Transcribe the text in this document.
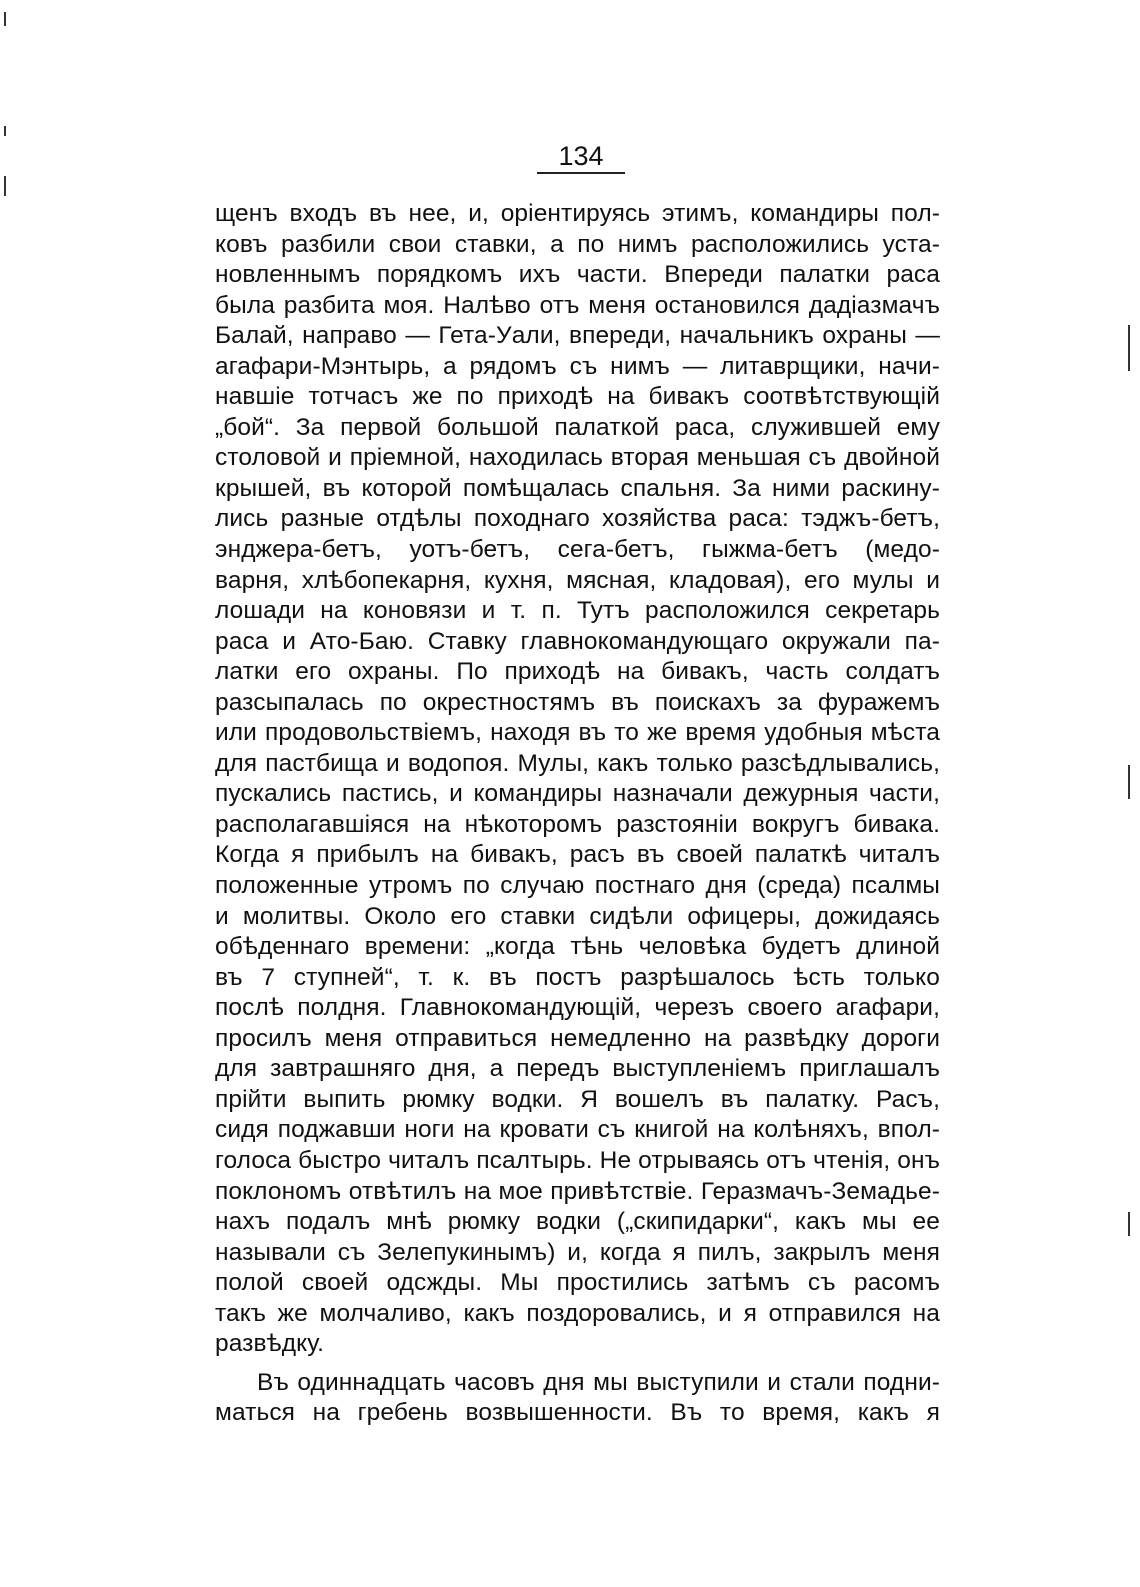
134
щенъ входъ въ нее, и, оріентируясь этимъ, командиры пол-
ковъ разбили свои ставки, а по нимъ расположились уста-
новленнымъ порядкомъ ихъ части. Впереди палатки раса
была разбита моя. Налѣво отъ меня остановился дадіазмачъ
Балай, направо — Гета-Уали, впереди, начальникъ охраны —
агафари-Мэнтырь, а рядомъ съ нимъ — литаврщики, начи-
навшіе тотчасъ же по приходѣ на бивакъ соотвѣтствующій
„бой“. За первой большой палаткой раса, служившей ему
столовой и пріемной, находилась вторая меньшая съ двойной
крышей, въ которой помѣщалась спальня. За ними раскину-
лись разные отдѣлы походнаго хозяйства раса: тэджъ-бетъ,
энджера-бетъ, уотъ-бетъ, сега-бетъ, гыжма-бетъ (медо-
варня, хлѣбопекарня, кухня, мясная, кладовая), его мулы и
лошади на коновязи и т. п. Тутъ расположился секретарь
раса и Ато-Баю. Ставку главнокомандующаго окружали па-
латки его охраны. По приходѣ на бивакъ, часть солдатъ
разсыпалась по окрестностямъ въ поискахъ за фуражемъ
или продовольствіемъ, находя въ то же время удобныя мѣста
для пастбища и водопоя. Мулы, какъ только разсѣдлывались,
пускались пастись, и командиры назначали дежурныя части,
располагавшіяся на нѣкоторомъ разстояніи вокругъ бивака.
Когда я прибылъ на бивакъ, расъ въ своей палаткѣ читалъ
положенные утромъ по случаю постнаго дня (среда) псалмы
и молитвы. Около его ставки сидѣли офицеры, дожидаясь
обѣденнаго времени: „когда тѣнь человѣка будетъ длиной
въ 7 ступней“, т. к. въ постъ разрѣшалось ѣсть только
послѣ полдня. Главнокомандующій, черезъ своего агафари,
просилъ меня отправиться немедленно на развѣдку дороги
для завтрашняго дня, а передъ выступленіемъ приглашалъ
прійти выпить рюмку водки. Я вошелъ въ палатку. Расъ,
сидя поджавши ноги на кровати съ книгой на колѣняхъ, впол-
голоса быстро читалъ псалтырь. Не отрываясь отъ чтенія, онъ
поклономъ отвѣтилъ на мое привѣтствіе. Геразмачъ-Земадье-
нахъ подалъ мнѣ рюмку водки („скипидарки“, какъ мы ее
называли съ Зелепукинымъ) и, когда я пилъ, закрылъ меня
полой своей одсжды. Мы простились затѣмъ съ расомъ
такъ же молчаливо, какъ поздоровались, и я отправился на
развѣдку.
Въ одиннадцать часовъ дня мы выступили и стали подни-
маться на гребень возвышенности. Въ то время, какъ я
